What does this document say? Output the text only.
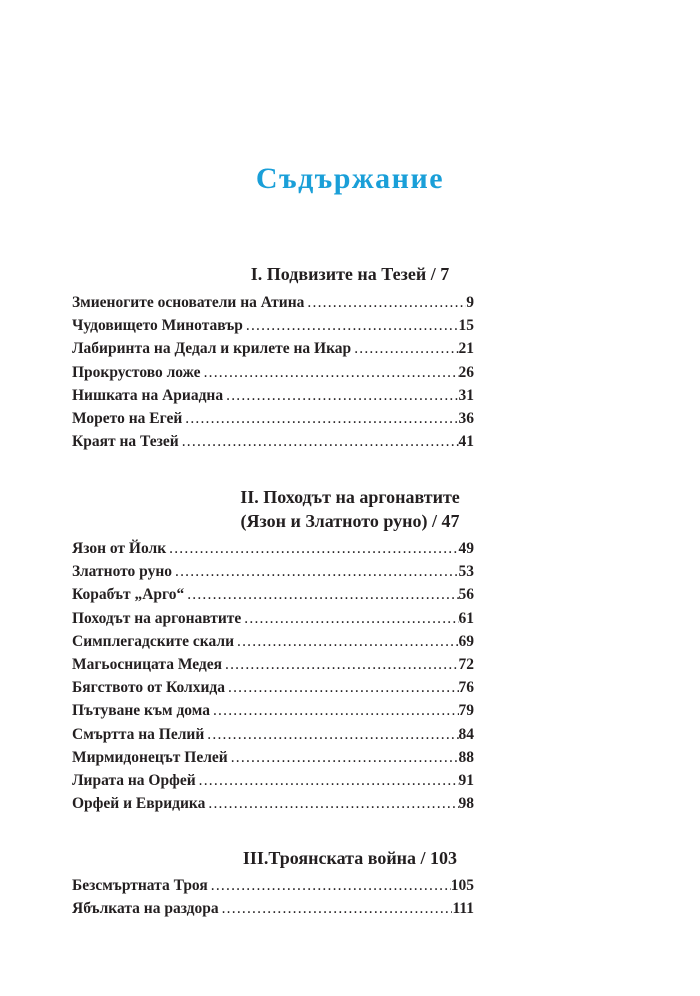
Съдържание
I. Подвизите на Тезей / 7
Змиеногите основатели на Атина .....	9
Чудовището Минотавър .....	15
Лабиринта на Дедал и крилете на Икар .....	21
Прокрустово ложе .....	26
Нишката на Ариадна .....	31
Морето на Егей .....	36
Краят на Тезей .....	41
II. Походът на аргонавтите
(Язон и Златното руно) / 47
Язон от Йолк .....	49
Златното руно .....	53
Корабът „Арго“ .....	56
Походът на аргонавтите .....	61
Симплегадските скали .....	69
Магьосницата Медея .....	72
Бягството от Колхида .....	76
Пътуване към дома .....	79
Смъртта на Пелий .....	84
Мирмидонецът Пелей .....	88
Лирата на Орфей .....	91
Орфей и Евридика .....	98
III.Троянската война / 103
Безсмъртната Троя .....	105
Ябълката на раздора .....	111
